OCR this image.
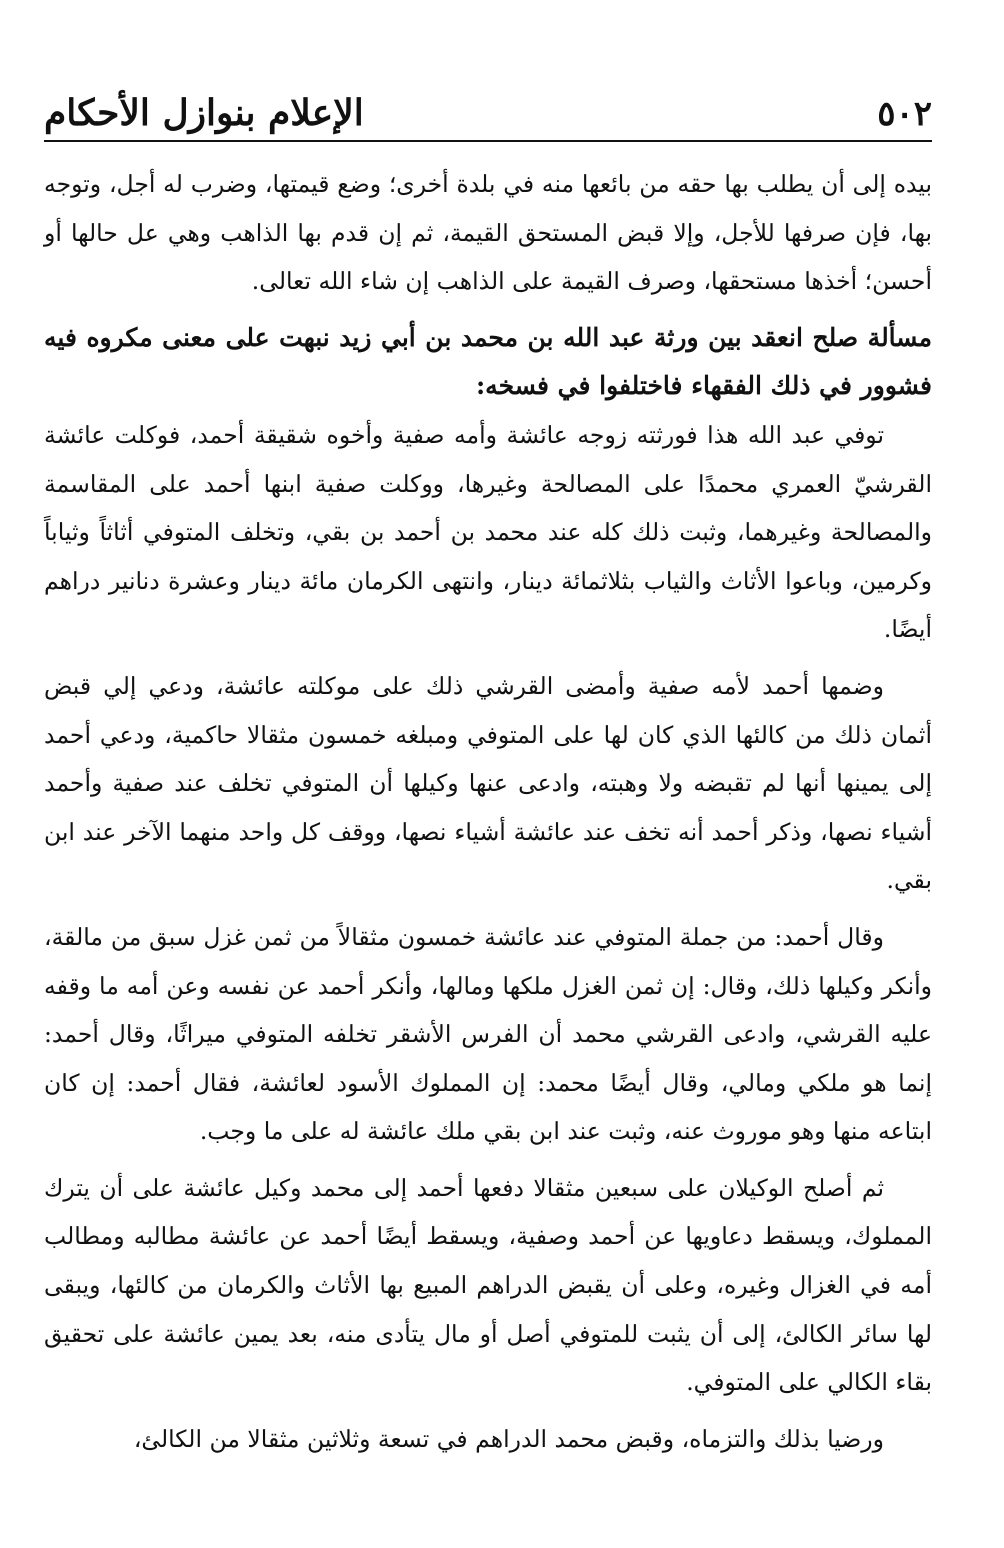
٥٠٢
الإعلام بنوازل الأحكام

بيده إلى أن يطلب بها حقه من بائعها منه في بلدة أخرى؛ وضع قيمتها، وضرب له أجل، وتوجه بها، فإن صرفها للأجل، وإلا قبض المستحق القيمة، ثم إن قدم بها الذاهب وهي عل حالها أو أحسن؛ أخذها مستحقها، وصرف القيمة على الذاهب إن شاء الله تعالى.

مسألة صلح انعقد بين ورثة عبد الله بن محمد بن أبي زيد نبهت على معنى مكروه فيه فشوور في ذلك الفقهاء فاختلفوا في فسخه:

توفي عبد الله هذا فورثته زوجه عائشة وأمه صفية وأخوه شقيقة أحمد، فوكلت عائشة القرشيّ العمري محمدًا على المصالحة وغيرها، ووكلت صفية ابنها أحمد على المقاسمة والمصالحة وغيرهما، وثبت ذلك كله عند محمد بن أحمد بن بقي، وتخلف المتوفي أثاثاً وثياباً وكرمين، وباعوا الأثاث والثياب بثلاثمائة دينار، وانتهى الكرمان مائة دينار وعشرة دنانير دراهم أيضًا.

وضمها أحمد لأمه صفية وأمضى القرشي ذلك على موكلته عائشة، ودعي إلي قبض أثمان ذلك من كالئها الذي كان لها على المتوفي ومبلغه خمسون مثقالا حاكمية، ودعي أحمد إلى يمينها أنها لم تقبضه ولا وهبته، وادعى عنها وكيلها أن المتوفي تخلف عند صفية وأحمد أشياء نصها، وذكر أحمد أنه تخف عند عائشة أشياء نصها، ووقف كل واحد منهما الآخر عند ابن بقي.

وقال أحمد: من جملة المتوفي عند عائشة خمسون مثقالاً من ثمن غزل سبق من مالقة، وأنكر وكيلها ذلك، وقال: إن ثمن الغزل ملكها ومالها، وأنكر أحمد عن نفسه وعن أمه ما وقفه عليه القرشي، وادعى القرشي محمد أن الفرس الأشقر تخلفه المتوفي ميراثًا، وقال أحمد: إنما هو ملكي ومالي، وقال أيضًا محمد: إن المملوك الأسود لعائشة، فقال أحمد: إن كان ابتاعه منها وهو موروث عنه، وثبت عند ابن بقي ملك عائشة له على ما وجب.

ثم أصلح الوكيلان على سبعين مثقالا دفعها أحمد إلى محمد وكيل عائشة على أن يترك المملوك، ويسقط دعاويها عن أحمد وصفية، ويسقط أيضًا أحمد عن عائشة مطالبه ومطالب أمه في الغزال وغيره، وعلى أن يقبض الدراهم المبيع بها الأثاث والكرمان من كالئها، ويبقى لها سائر الكالئ، إلى أن يثبت للمتوفي أصل أو مال يتأدى منه، بعد يمين عائشة على تحقيق بقاء الكالي على المتوفي.

ورضيا بذلك والتزماه، وقبض محمد الدراهم في تسعة وثلاثين مثقالا من الكالئ،
